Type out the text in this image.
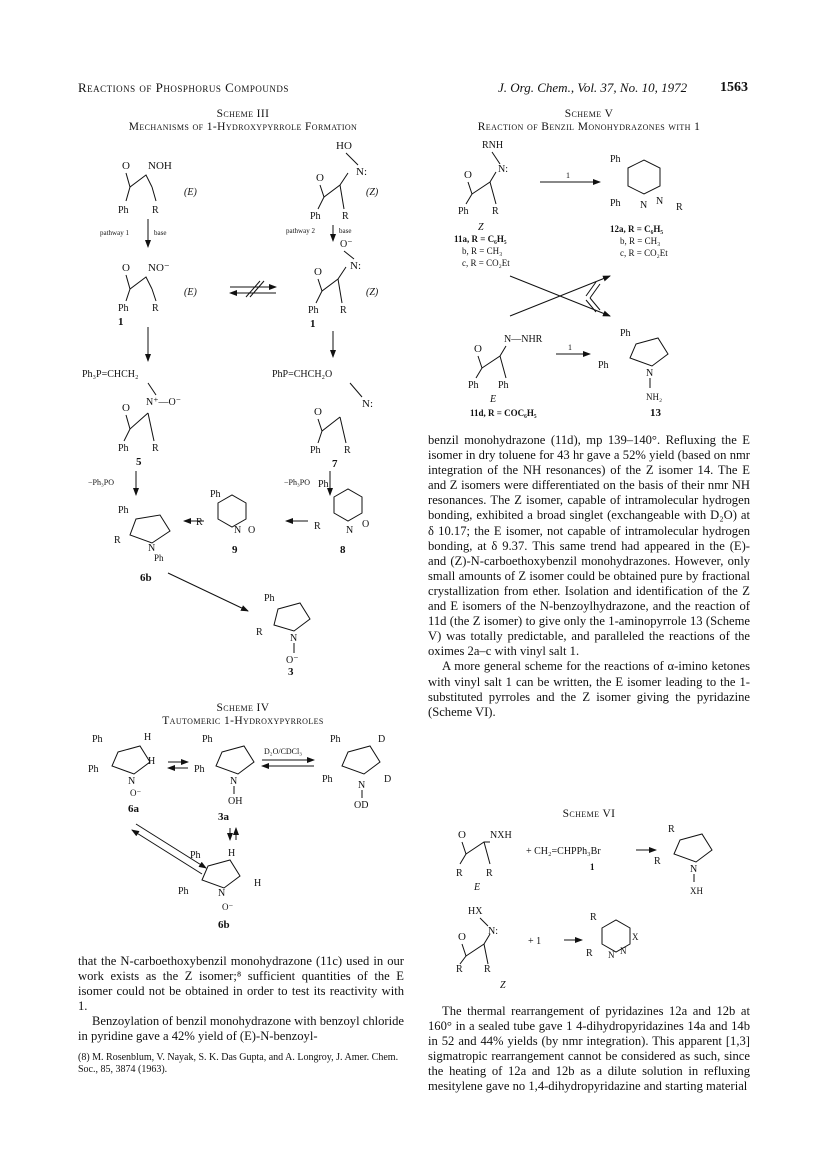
Reactions of Phosphorus Compounds	J. Org. Chem., Vol. 37, No. 10, 1972 1563
Scheme III
Mechanisms of 1-Hydroxypyrrole Formation
O NOH
Ph R
(E)
HO
N:
O
Ph R
(Z)
pathway 1	base	pathway 2	base
O NO⁻
Ph R
(E)
1
O⁻
N:
O
Ph R
(Z)
1
Ph₃P=CHCH₂
N⁺—O⁻
O
Ph R
5
PhP=CHCH₂O
N:
O
Ph R
7
−Ph₃PO	−Ph₃PO
Ph
R
N
Ph
6b
Ph
R
N O
9
Ph
R	N
O
8
Ph
R
N
O⁻
3
Scheme IV
Tautomeric 1-Hydroxypyrroles
Ph	H
H
Ph
N
O⁻
6a
Ph
Ph
N
OH
3a
D₂O/CDCl₃
Ph	D
Ph	D
N
OD
Ph	H
Ph	N
H
O⁻
6b

that the N-carboethoxybenzil monohydrazone (11c) used in our work exists as the Z isomer;⁸ sufficient quantities of the E isomer could not be obtained in order to test its reactivity with 1.

Benzoylation of benzil monohydrazone with benzoyl chloride in pyridine gave a 42% yield of (E)-N-benzoyl-

(8) M. Rosenblum, V. Nayak, S. K. Das Gupta, and A. Longroy, J. Amer. Chem. Soc., 85, 3874 (1963).
Scheme V
Reaction of Benzil Monohydrazones with 1
RNH
N:
O
Ph R
Z
1
Ph
Ph N N
R
11a, R = C₆H₅
b, R = CH₃
c, R = CO₂Et
12a, R = C₆H₅
b, R = CH₃
c, R = CO₂Et
N—NHR
O
Ph Ph
E
11d, R = COC₆H₅
1
Ph
Ph
N
NH₂
13

benzil monohydrazone (11d), mp 139–140°. Refluxing the E isomer in dry toluene for 43 hr gave a 52% yield (based on nmr integration of the NH resonances) of the Z isomer 14. The E and Z isomers were differentiated on the basis of their nmr NH resonances. The Z isomer, capable of intramolecular hydrogen bonding, exhibited a broad singlet (exchangeable with D₂O) at δ 10.17; the E isomer, not capable of intramolecular hydrogen bonding, at δ 9.37. This same trend had appeared in the (E)- and (Z)-N-carboethoxybenzil monohydrazones. However, only small amounts of Z isomer could be obtained pure by fractional crystallization from ether. Isolation and identification of the Z and E isomers of the N-benzoylhydrazone, and the reaction of 11d (the Z isomer) to give only the 1-aminopyrrole 13 (Scheme V) was totally predictable, and paralleled the reactions of the oximes 2a–c with vinyl salt 1.

A more general scheme for the reactions of α-imino ketones with vinyl salt 1 can be written, the E isomer leading to the 1-substituted pyrroles and the Z isomer giving the pyridazine (Scheme VI).

Scheme VI
O NXH
R R
E
+ CH₂=CHPPh₃Br
1
R
R
N
XH
HX
N:
O
R R
+ 1
R
R N N
X
Z

The thermal rearrangement of pyridazines 12a and 12b at 160° in a sealed tube gave 1 4-dihydropyridazines 14a and 14b in 52 and 44% yields (by nmr integration). This apparent [1,3] sigmatropic rearrangement cannot be considered as such, since the heating of 12a and 12b as a dilute solution in refluxing mesitylene gave no 1,4-dihydropyridazine and starting material
